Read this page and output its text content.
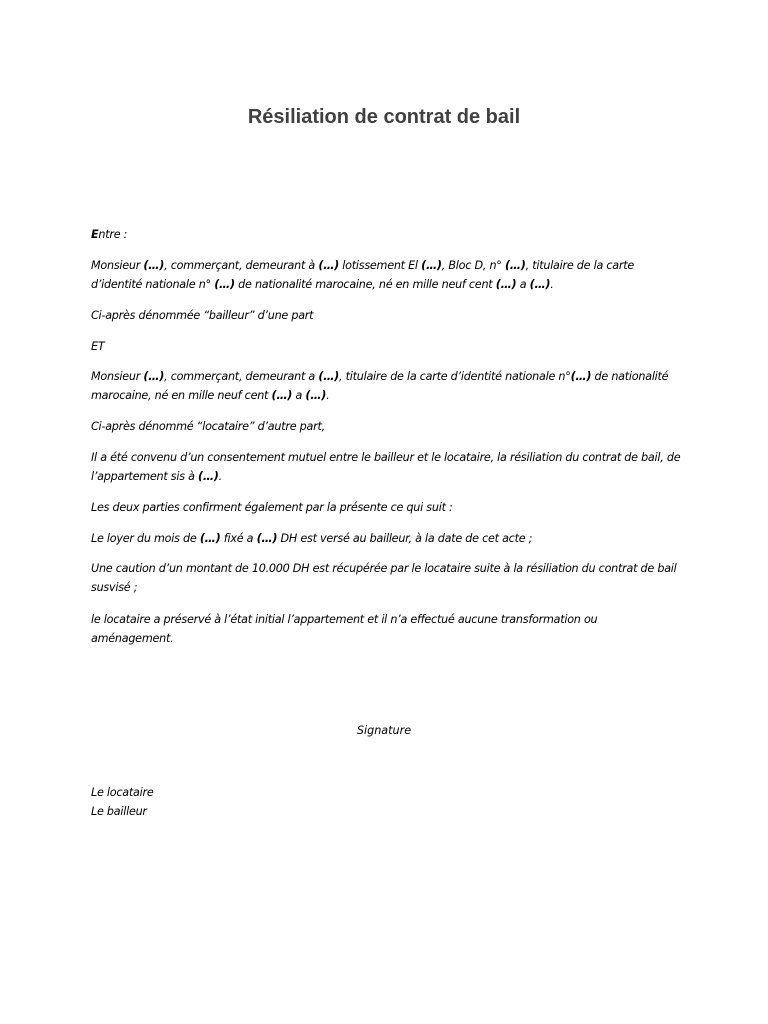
Résiliation de contrat de bail

Entre :

Monsieur (…), commerçant, demeurant à (…) lotissement El (…), Bloc D, n° (…), titulaire de la carte d’identité nationale n° (…) de nationalité marocaine, né en mille neuf cent (…) a (…).

Ci-après dénommée “bailleur” d’une part

ET

Monsieur (…), commerçant, demeurant a (…), titulaire de la carte d’identité nationale n°(…) de nationalité marocaine, né en mille neuf cent (…) a (…).

Ci-après dénommé “locataire” d’autre part,

Il a été convenu d’un consentement mutuel entre le bailleur et le locataire, la résiliation du contrat de bail, de l’appartement sis à (…).

Les deux parties confirment également par la présente ce qui suit :

Le loyer du mois de (…) fixé a (…) DH est versé au bailleur, à la date de cet acte ;

Une caution d’un montant de 10.000 DH est récupérée par le locataire suite à la résiliation du contrat de bail susvisé ;

le locataire a préservé à l’état initial l’appartement et il n’a effectué aucune transformation ou aménagement.

Signature

Le locataire

Le bailleur
